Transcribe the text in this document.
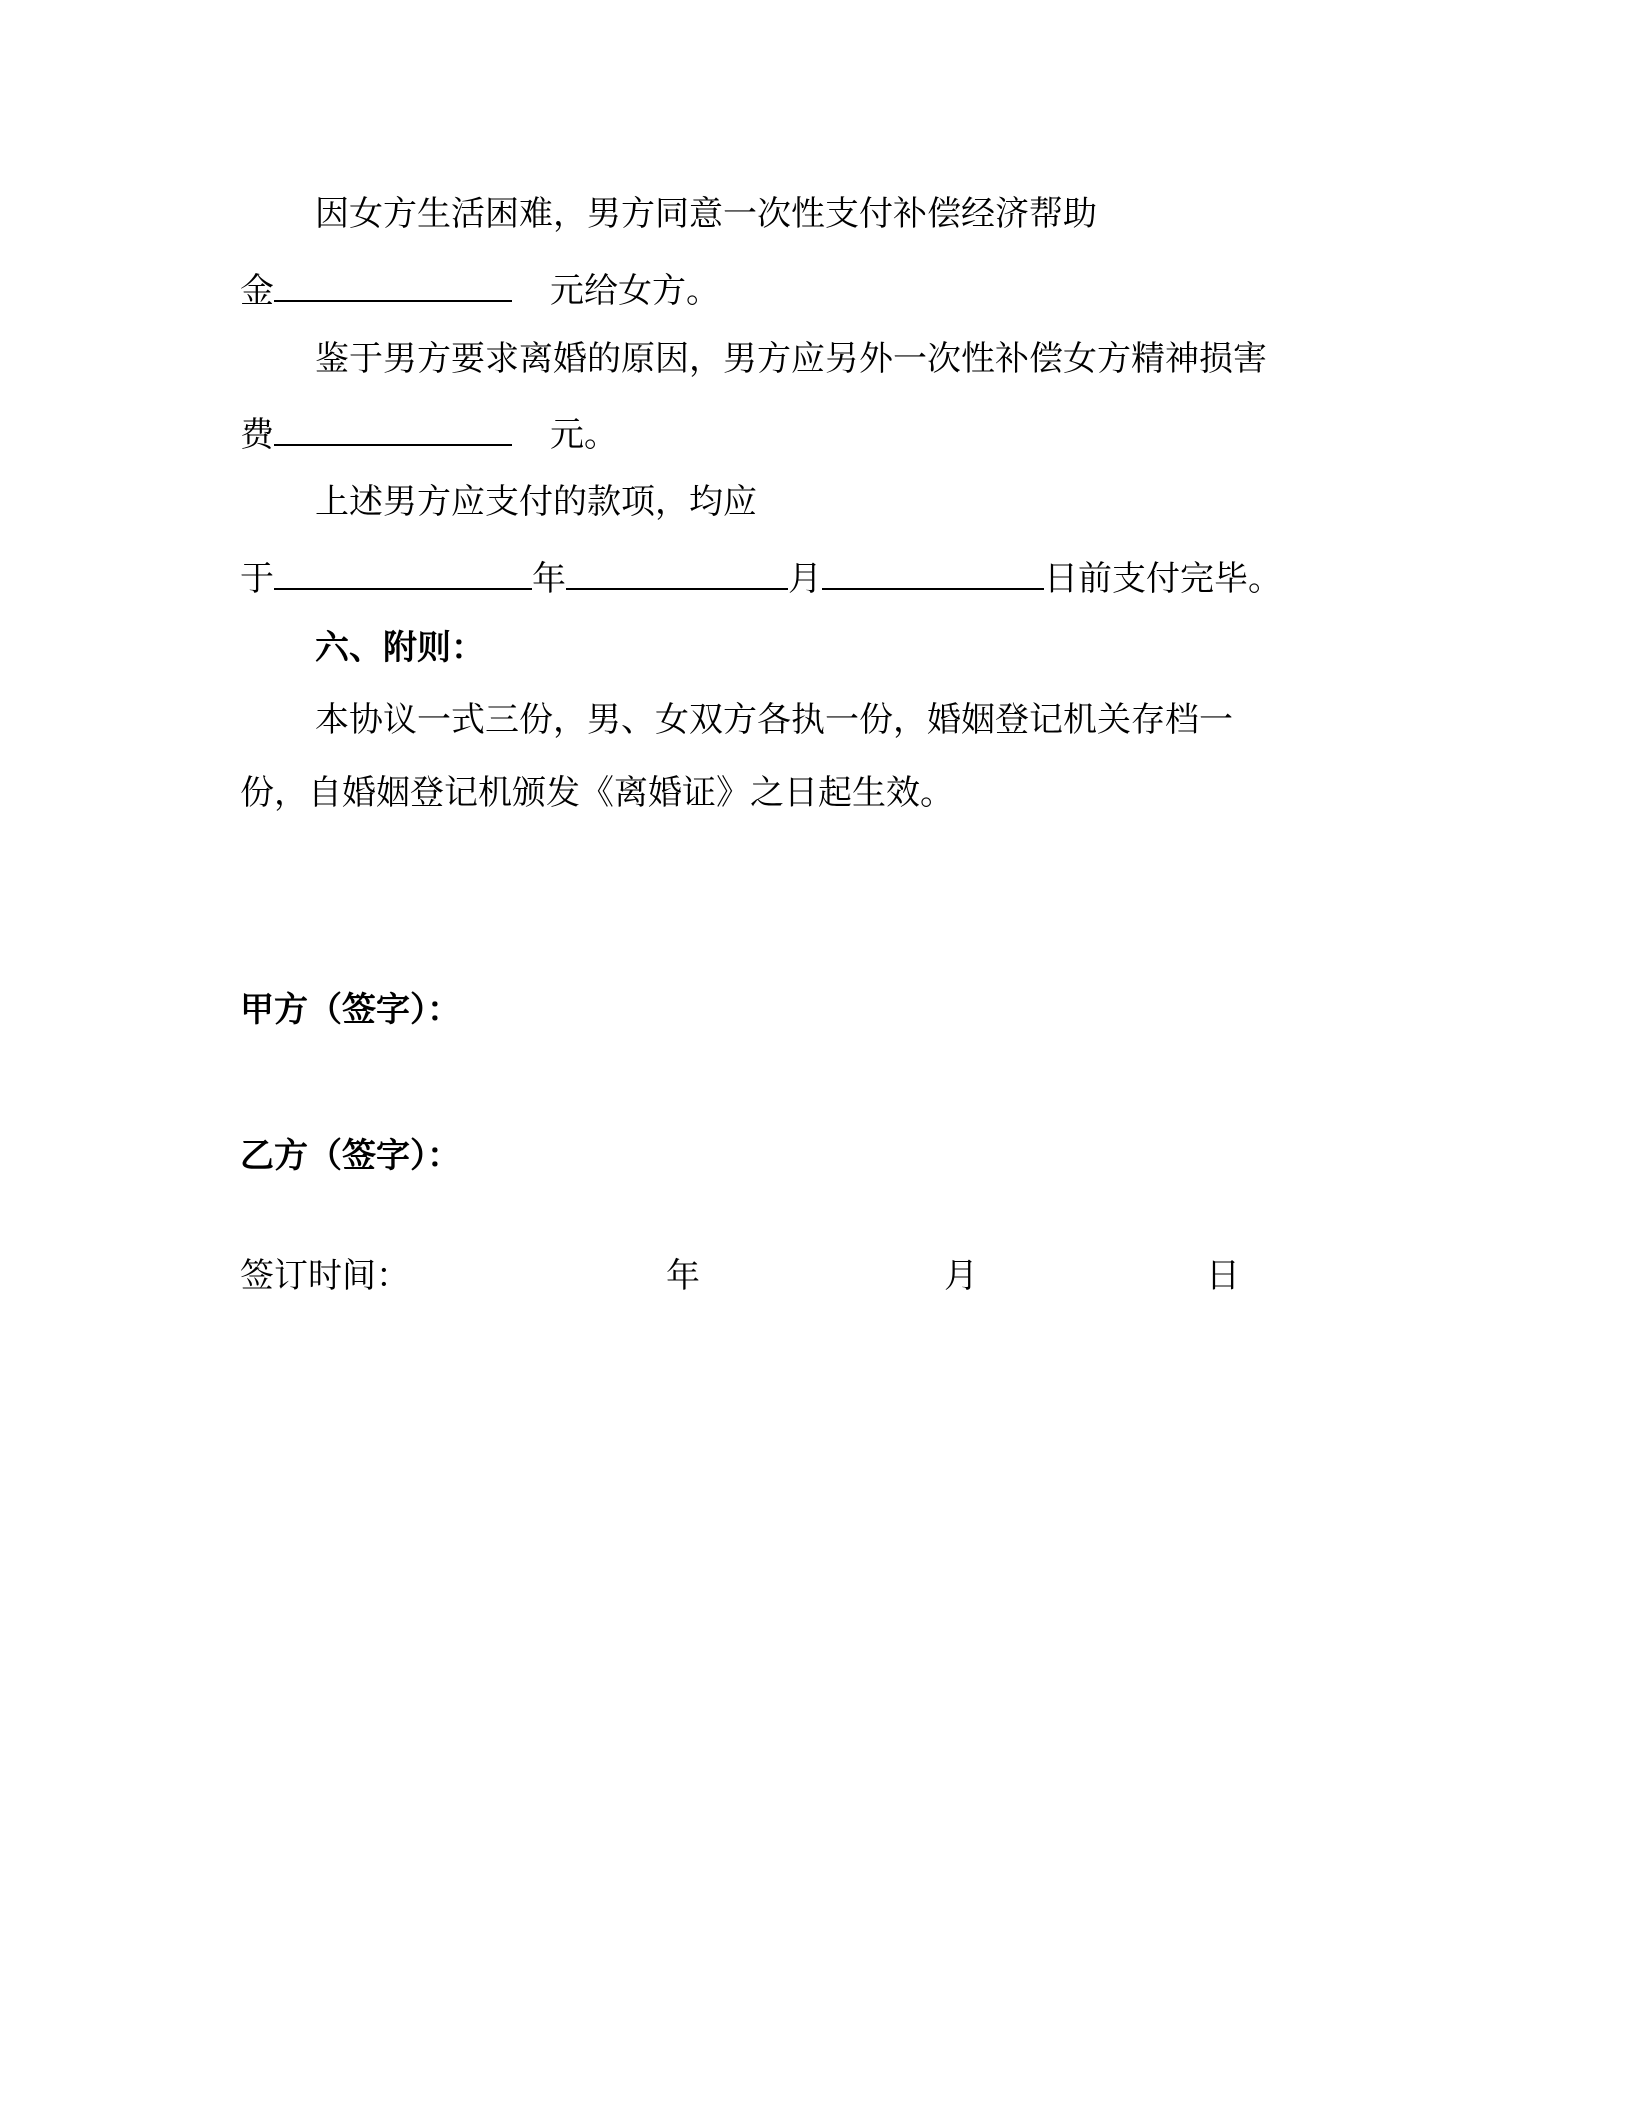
因女方生活困难，男方同意一次性支付补偿经济帮助
金	元给女方。
鉴于男方要求离婚的原因，男方应另外一次性补偿女方精神损害
费	元。
上述男方应支付的款项，均应
于	年	月	日前支付完毕。
六、附则：
本协议一式三份，男、女双方各执一份，婚姻登记机关存档一
份，自婚姻登记机颁发《离婚证》之日起生效。
甲方（签字）：
乙方（签字）：
签订时间：	年	月	日
